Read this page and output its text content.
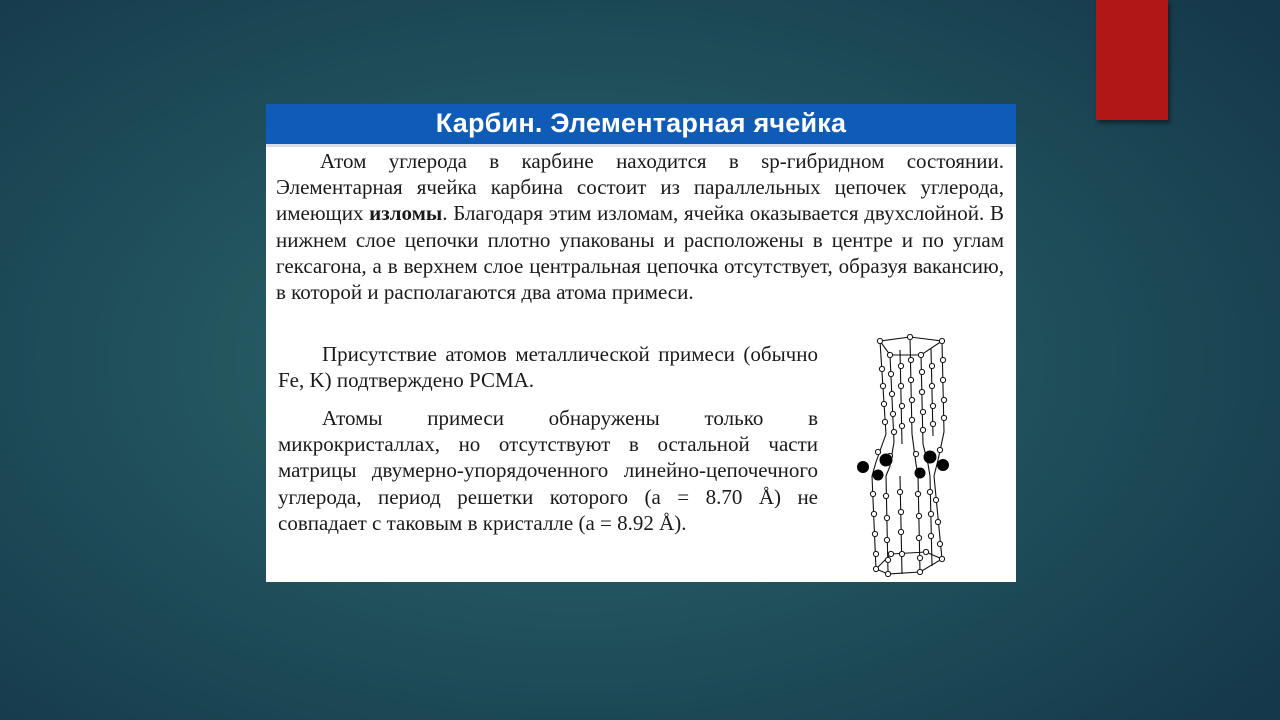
Карбин. Элементарная ячейка

Атом углерода в карбине находится в sp-гибридном состоянии. Элементарная ячейка карбина состоит из параллельных цепочек углерода, имеющих изломы. Благодаря этим изломам, ячейка оказывается двухслойной. В нижнем слое цепочки плотно упакованы и расположены в центре и по углам гексагона, а в верхнем слое центральная цепочка отсутствует, образуя вакансию, в которой и располагаются два атома примеси.

Присутствие атомов металлической примеси (обычно Fe, K) подтверждено РСМА.

Атомы примеси обнаружены только в микрокристаллах, но отсутствуют в остальной части матрицы двумерно-упорядоченного линейно-цепочечного углерода, период решетки которого (а = 8.70 Å) не совпадает с таковым в кристалле (а = 8.92 Å).
